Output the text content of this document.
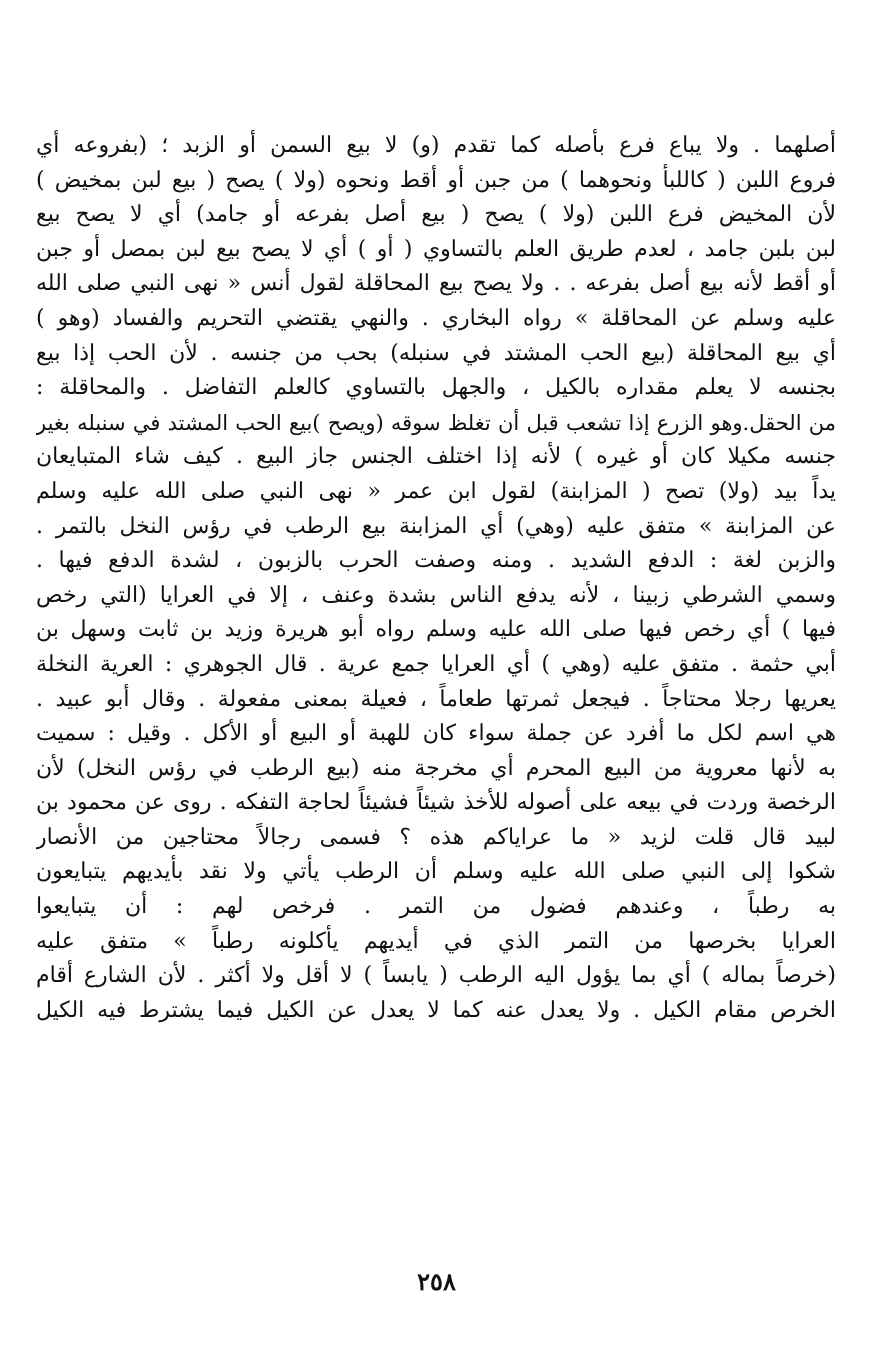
أصلهما . ولا يباع فرع بأصله كما تقدم (و) لا بيع السمن أو الزبد ؛ (بفروعه أي
فروع اللبن ( كاللبأ ونحوهما ) من جبن أو أقط ونحوه (ولا ) يصح ( بيع لبن بمخيض )
لأن المخيض فرع اللبن (ولا ) يصح ( بيع أصل بفرعه أو جامد) أي لا يصح بيع
لبن بلبن جامد ، لعدم طريق العلم بالتساوي ( أو ) أي لا يصح بيع لبن بمصل أو جبن
أو أقط لأنه بيع أصل بفرعه . . ولا يصح بيع المحاقلة لقول أنس « نهى النبي صلى الله
عليه وسلم عن المحاقلة » رواه البخاري . والنهي يقتضي التحريم والفساد (وهو )
أي بيع المحاقلة (بيع الحب المشتد في سنبله) بحب من جنسه . لأن الحب إذا بيع
بجنسه لا يعلم مقداره بالكيل ، والجهل بالتساوي كالعلم التفاضل . والمحاقلة :
من الحقل.وهو الزرع إذا تشعب قبل أن تغلظ سوقه (ويصح )بيع الحب المشتد في سنبله بغير
جنسه مكيلا كان أو غيره ) لأنه إذا اختلف الجنس جاز البيع . كيف شاء المتبايعان
يداً بيد (ولا) تصح ( المزابنة) لقول ابن عمر « نهى النبي صلى الله عليه وسلم
عن المزابنة » متفق عليه (وهي) أي المزابنة بيع الرطب في رؤس النخل بالتمر .
والزبن لغة : الدفع الشديد . ومنه وصفت الحرب بالزبون ، لشدة الدفع فيها .
وسمي الشرطي زبينا ، لأنه يدفع الناس بشدة وعنف ، إلا في العرايا (التي رخص
فيها ) أي رخص فيها صلى الله عليه وسلم رواه أبو هريرة وزيد بن ثابت وسهل بن
أبي حثمة . متفق عليه (وهي ) أي العرايا جمع عرية . قال الجوهري : العرية النخلة
يعريها رجلا محتاجاً . فيجعل ثمرتها طعاماً ، فعيلة بمعنى مفعولة . وقال أبو عبيد .
هي اسم لكل ما أفرد عن جملة سواء كان للهبة أو البيع أو الأكل . وقيل : سميت
به لأنها معروية من البيع المحرم أي مخرجة منه (بيع الرطب في رؤس النخل) لأن
الرخصة وردت في بيعه على أصوله للأخذ شيئاً فشيئاً لحاجة التفكه . روى عن محمود بن
لبيد قال قلت لزيد « ما عراياكم هذه ؟ فسمى رجالاً محتاجين من الأنصار
شكوا إلى النبي صلى الله عليه وسلم أن الرطب يأتي ولا نقد بأيديهم يتبايعون
به رطباً ، وعندهم فضول من التمر . فرخص لهم : أن يتبايعوا
العرايا بخرصها من التمر الذي في أيديهم يأكلونه رطباً » متفق عليه
(خرصاً بماله ) أي بما يؤول اليه الرطب ( يابساً ) لا أقل ولا أكثر . لأن الشارع أقام
الخرص مقام الكيل . ولا يعدل عنه كما لا يعدل عن الكيل فيما يشترط فيه الكيل
٢٥٨
